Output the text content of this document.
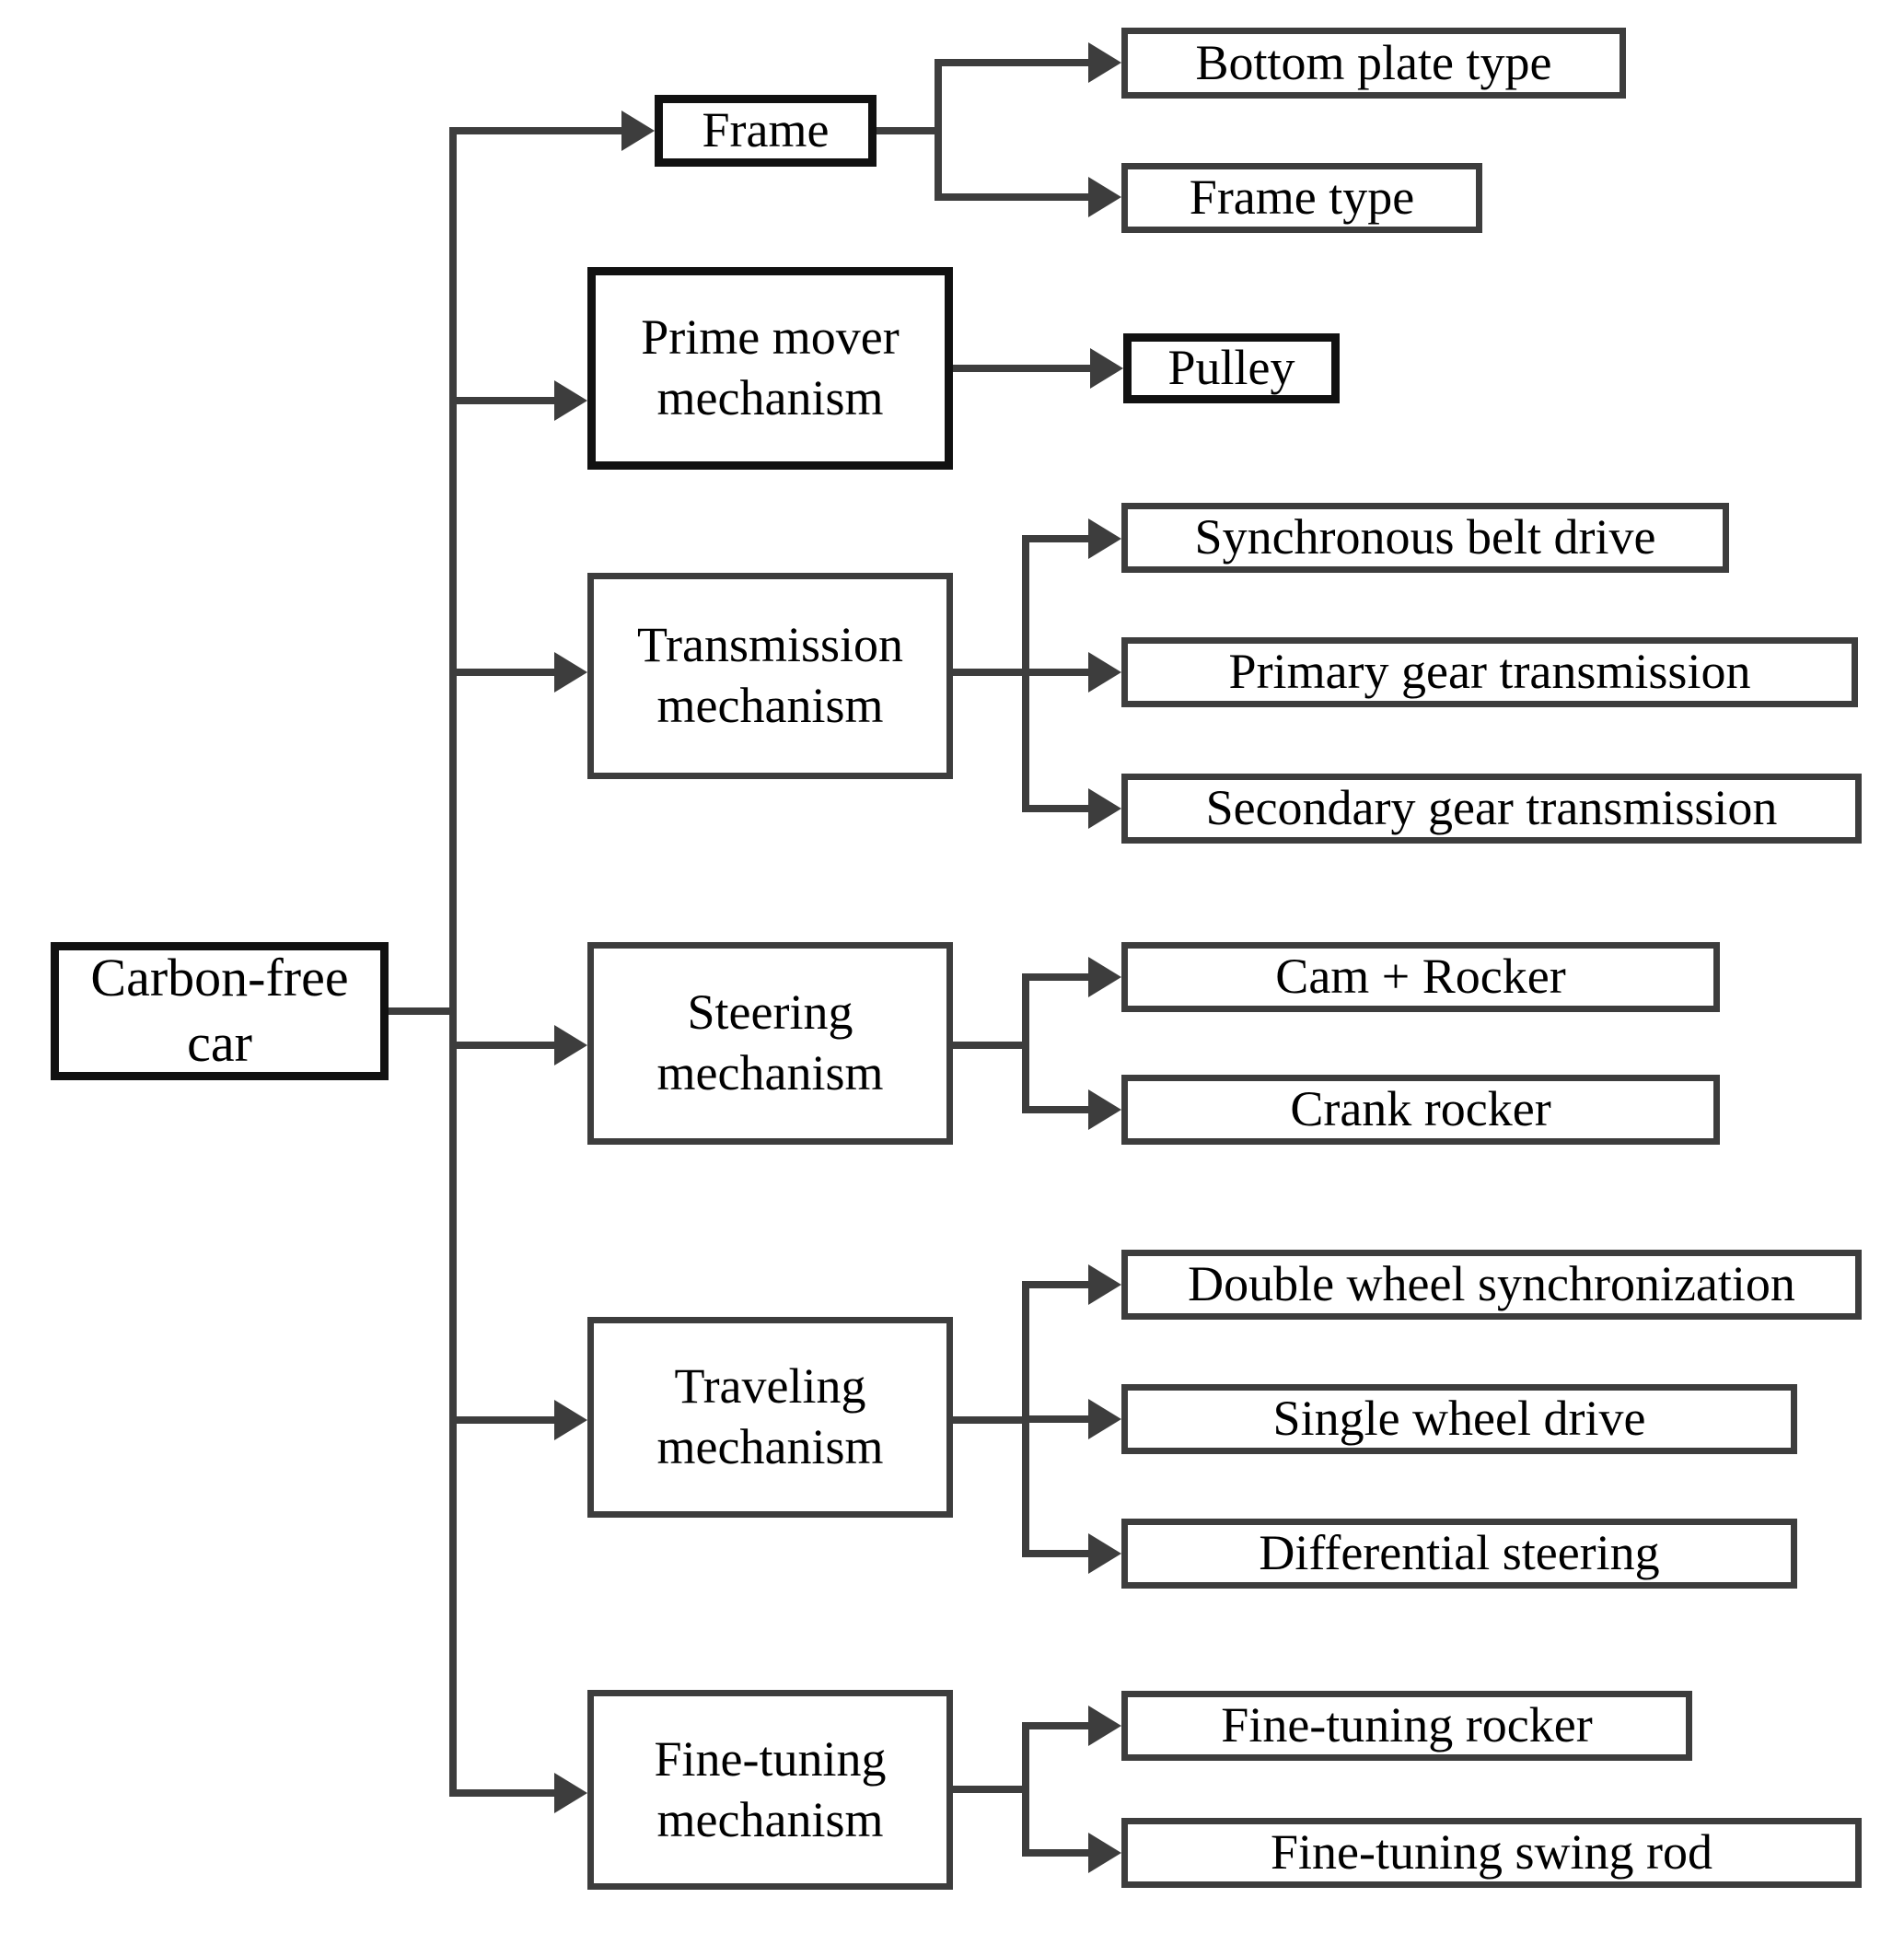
Carbon-free car
Frame
Prime mover mechanism
Transmission mechanism
Steering mechanism
Traveling mechanism
Fine-tuning mechanism
Bottom plate type
Frame type
Pulley
Synchronous belt drive
Primary gear transmission
Secondary gear transmission
Cam + Rocker
Crank rocker
Double wheel synchronization
Single wheel drive
Differential steering
Fine-tuning rocker
Fine-tuning swing rod
